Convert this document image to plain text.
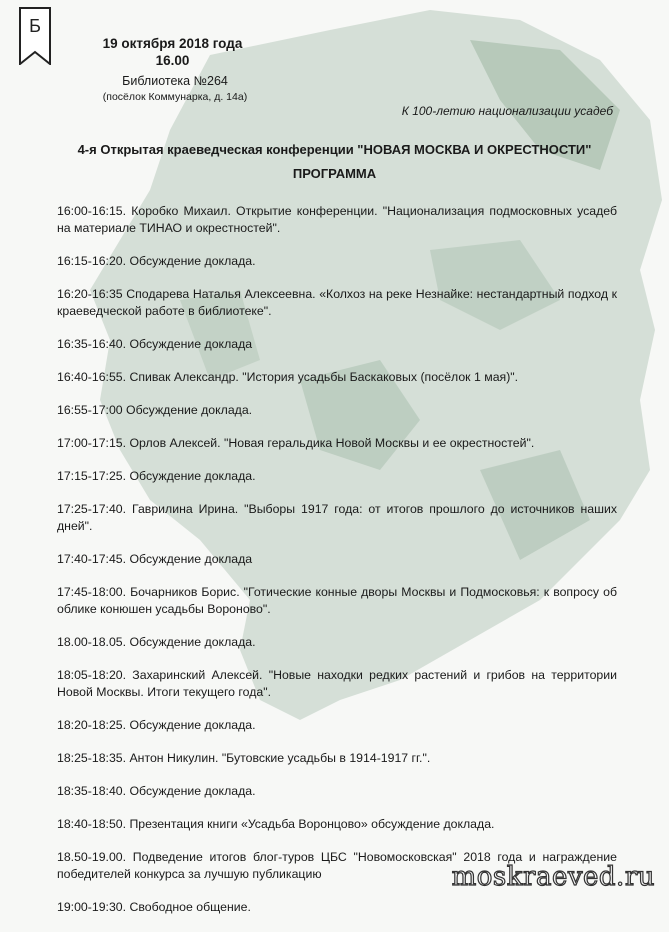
Б
19 октября 2018 года
16.00
Библиотека №264
(посёлок Коммунарка, д. 14а)
К 100-летию национализации усадеб
4-я Открытая краеведческая конференции "НОВАЯ МОСКВА И ОКРЕСТНОСТИ"
ПРОГРАММА

16:00-16:15. Коробко Михаил. Открытие конференции. "Национализация подмосковных усадеб на материале ТИНАО и окрестностей".

16:15-16:20. Обсуждение доклада.

16:20-16:35 Сподарева Наталья Алексеевна. «Колхоз на реке Незнайке: нестандартный подход к краеведческой работе в библиотеке".

16:35-16:40. Обсуждение доклада

16:40-16:55. Спивак Александр. "История усадьбы Баскаковых (посёлок 1 мая)".

16:55-17:00 Обсуждение доклада.

17:00-17:15. Орлов Алексей. "Новая геральдика Новой Москвы и ее окрестностей".

17:15-17:25. Обсуждение доклада.

17:25-17:40. Гаврилина Ирина. "Выборы 1917 года: от итогов прошлого до источников наших дней".

17:40-17:45. Обсуждение доклада

17:45-18:00. Бочарников Борис. "Готические конные дворы Москвы и Подмосковья: к вопросу об облике конюшен усадьбы Вороново".

18.00-18.05. Обсуждение доклада.

18:05-18:20. Захаринский Алексей. "Новые находки редких растений и грибов на территории Новой Москвы. Итоги текущего года".

18:20-18:25. Обсуждение доклада.

18:25-18:35. Антон Никулин. "Бутовские усадьбы в 1914-1917 гг.".

18:35-18:40. Обсуждение доклада.

18:40-18:50. Презентация книги «Усадьба Воронцово» обсуждение доклада.

18.50-19.00. Подведение итогов блог-туров ЦБС "Новомосковская" 2018 года и награждение победителей конкурса за лучшую публикацию

19:00-19:30. Свободное общение.

moskraeved.ru
